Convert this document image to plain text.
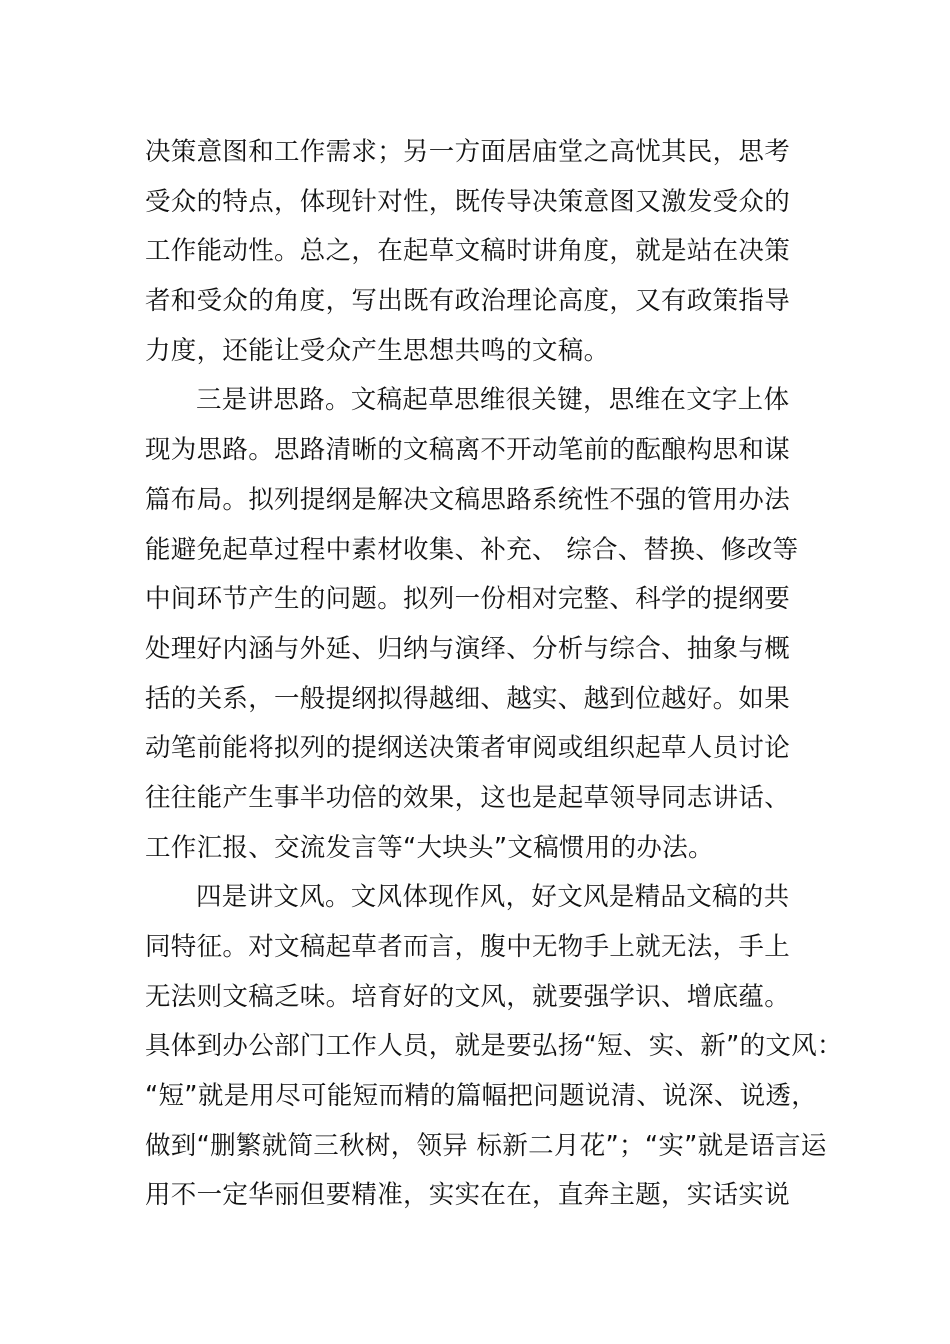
决策意图和工作需求；另一方面居庙堂之高忧其民，思考
受众的特点，体现针对性，既传导决策意图又激发受众的
工作能动性。总之，在起草文稿时讲角度，就是站在决策
者和受众的角度，写出既有政治理论高度，又有政策指导
力度，还能让受众产生思想共鸣的文稿。
三是讲思路。文稿起草思维很关键，思维在文字上体
现为思路。思路清晰的文稿离不开动笔前的酝酿构思和谋
篇布局。拟列提纲是解决文稿思路系统性不强的管用办法
能避免起草过程中素材收集、补充、 综合、替换、修改等
中间环节产生的问题。拟列一份相对完整、科学的提纲要
处理好内涵与外延、归纳与演绎、分析与综合、抽象与概
括的关系，一般提纲拟得越细、越实、越到位越好。如果
动笔前能将拟列的提纲送决策者审阅或组织起草人员讨论
往往能产生事半功倍的效果，这也是起草领导同志讲话、
工作汇报、交流发言等“大块头”文稿惯用的办法。
四是讲文风。文风体现作风，好文风是精品文稿的共
同特征。对文稿起草者而言，腹中无物手上就无法，手上
无法则文稿乏味。培育好的文风，就要强学识、增底蕴。
具体到办公部门工作人员，就是要弘扬“短、实、新”的文风：
“短”就是用尽可能短而精的篇幅把问题说清、说深、说透，
做到“删繁就简三秋树，领异 标新二月花”；“实”就是语言运
用不一定华丽但要精准，实实在在，直奔主题，实话实说
